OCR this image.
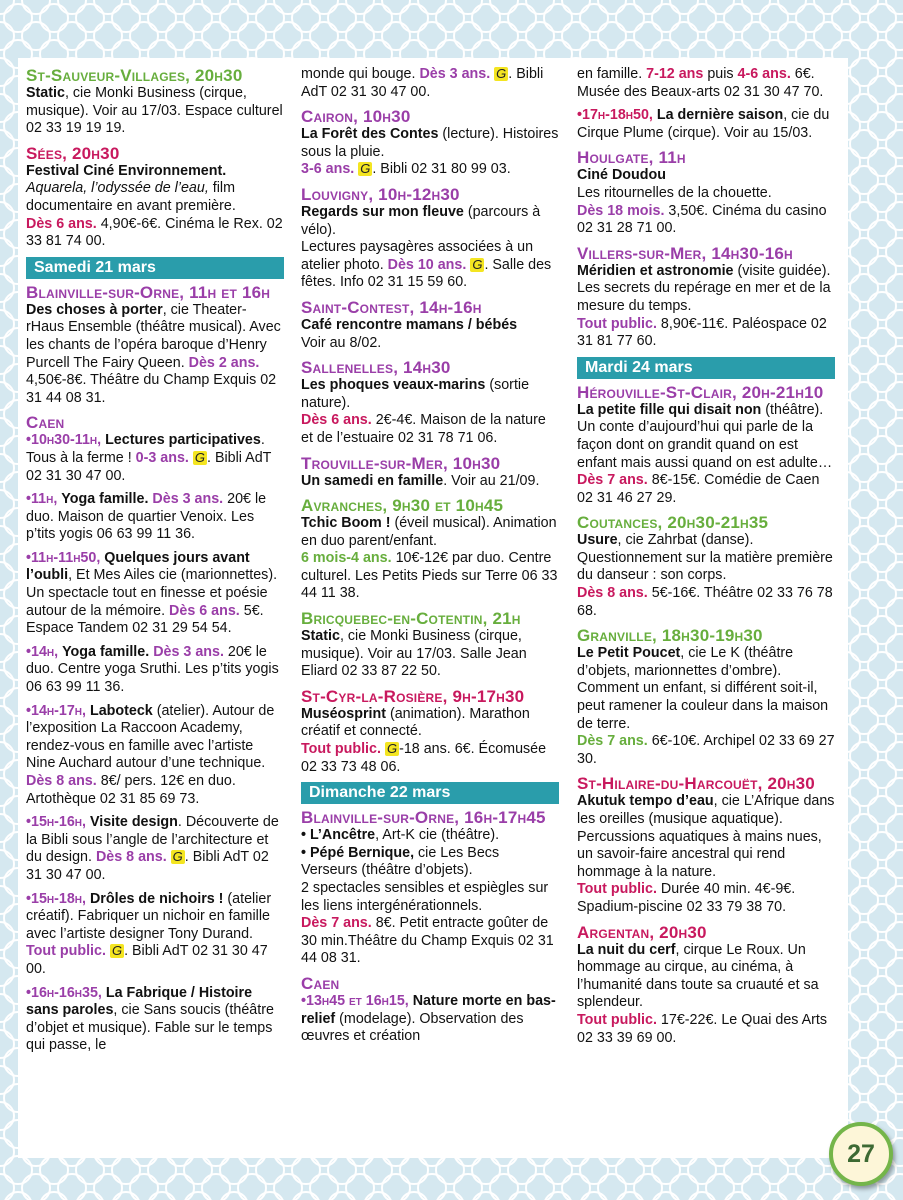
St-Sauveur-Villages, 20h30
Static, cie Monki Business (cirque, musique). Voir au 17/03. Espace culturel 02 33 19 19 19.
Sées, 20h30
Festival Ciné Environnement.
Aquarela, l’odyssée de l’eau, film documentaire en avant première.
Dès 6 ans. 4,90€-6€. Cinéma le Rex. 02 33 81 74 00.
Samedi 21 mars
Blainville-sur-Orne, 11h et 16h
Des choses à porter, cie Theater-rHaus Ensemble (théâtre musical). Avec les chants de l’opéra baroque d’Henry Purcell The Fairy Queen. Dès 2 ans. 4,50€-8€. Théâtre du Champ Exquis 02 31 44 08 31.
Caen
•10h30-11h, Lectures participatives. Tous à la ferme ! 0-3 ans. G . Bibli AdT 02 31 30 47 00.
•11h, Yoga famille. Dès 3 ans. 20€ le duo. Maison de quartier Venoix. Les p’tits yogis 06 63 99 11 36.
•11h-11h50, Quelques jours avant l’oubli, Et Mes Ailes cie (marionnettes). Un spectacle tout en finesse et poésie autour de la mémoire. Dès 6 ans. 5€. Espace Tandem 02 31 29 54 54.
•14h, Yoga famille. Dès 3 ans. 20€ le duo. Centre yoga Sruthi. Les p’tits yogis 06 63 99 11 36.
•14h-17h, Laboteck (atelier). Autour de l’exposition La Raccoon Academy, rendez-vous en famille avec l’artiste Nine Auchard autour d’une technique. Dès 8 ans. 8€/ pers. 12€ en duo. Artothèque 02 31 85 69 73.
•15h-16h, Visite design. Découverte de la Bibli sous l’angle de l’architecture et du design. Dès 8 ans. G . Bibli AdT 02 31 30 47 00.
•15h-18h, Drôles de nichoirs ! (atelier créatif). Fabriquer un nichoir en famille avec l’artiste designer Tony Durand. Tout public. G . Bibli AdT 02 31 30 47 00.
•16h-16h35, La Fabrique / Histoire sans paroles, cie Sans soucis (théâtre d’objet et musique). Fable sur le temps qui passe, le
monde qui bouge. Dès 3 ans. G . Bibli AdT 02 31 30 47 00.
Cairon, 10h30
La Forêt des Contes (lecture). Histoires sous la pluie.
3-6 ans. G . Bibli 02 31 80 99 03.
Louvigny, 10h-12h30
Regards sur mon fleuve (parcours à vélo).
Lectures paysagères associées à un atelier photo. Dès 10 ans. G . Salle des fêtes. Info 02 31 15 59 60.
Saint-Contest, 14h-16h
Café rencontre mamans / bébés
Voir au 8/02.
Sallenelles, 14h30
Les phoques veaux-marins (sortie nature).
Dès 6 ans. 2€-4€. Maison de la nature et de l’estuaire 02 31 78 71 06.
Trouville-sur-Mer, 10h30
Un samedi en famille. Voir au 21/09.
Avranches, 9h30 et 10h45
Tchic Boom ! (éveil musical). Animation en duo parent/enfant.
6 mois-4 ans. 10€-12€ par duo. Centre culturel. Les Petits Pieds sur Terre 06 33 44 11 38.
Bricquebec-en-Cotentin, 21h
Static, cie Monki Business (cirque, musique). Voir au 17/03. Salle Jean Eliard 02 33 87 22 50.
St-Cyr-la-Rosière, 9h-17h30
Muséosprint (animation). Marathon créatif et connecté.
Tout public. G -18 ans. 6€. Écomusée 02 33 73 48 06.
Dimanche 22 mars
Blainville-sur-Orne, 16h-17h45
• L’Ancêtre, Art-K cie (théâtre).
• Pépé Bernique, cie Les Becs Verseurs (théâtre d’objets).
2 spectacles sensibles et espiègles sur les liens intergénérationnels.
Dès 7 ans. 8€. Petit entracte goûter de 30 min.Théâtre du Champ Exquis 02 31 44 08 31.
Caen
•13h45 et 16h15, Nature morte en bas-relief (modelage). Observation des œuvres et création
en famille. 7-12 ans puis 4-6 ans. 6€. Musée des Beaux-arts 02 31 30 47 70.
•17h-18h50, La dernière saison, cie du Cirque Plume (cirque). Voir au 15/03.
Houlgate, 11h
Ciné Doudou
Les ritournelles de la chouette.
Dès 18 mois. 3,50€. Cinéma du casino 02 31 28 71 00.
Villers-sur-Mer, 14h30-16h
Méridien et astronomie (visite guidée). Les secrets du repérage en mer et de la mesure du temps.
Tout public. 8,90€-11€. Paléospace 02 31 81 77 60.
Mardi 24 mars
Hérouville-St-Clair, 20h-21h10
La petite fille qui disait non (théâtre). Un conte d’aujourd’hui qui parle de la façon dont on grandit quand on est enfant mais aussi quand on est adulte…
Dès 7 ans. 8€-15€. Comédie de Caen 02 31 46 27 29.
Coutances, 20h30-21h35
Usure, cie Zahrbat (danse). Questionnement sur la matière première du danseur : son corps.
Dès 8 ans. 5€-16€. Théâtre 02 33 76 78 68.
Granville, 18h30-19h30
Le Petit Poucet, cie Le K (théâtre d’objets, marionnettes d’ombre). Comment un enfant, si différent soit-il, peut ramener la couleur dans la maison de terre.
Dès 7 ans. 6€-10€. Archipel 02 33 69 27 30.
St-Hilaire-du-Harcouët, 20h30
Akutuk tempo d’eau, cie L’Afrique dans les oreilles (musique aquatique). Percussions aquatiques à mains nues, un savoir-faire ancestral qui rend hommage à la nature.
Tout public. Durée 40 min. 4€-9€. Spadium-piscine 02 33 79 38 70.
Argentan, 20h30
La nuit du cerf, cirque Le Roux. Un hommage au cirque, au cinéma, à l’humanité dans toute sa cruauté et sa splendeur.
Tout public. 17€-22€. Le Quai des Arts 02 33 39 69 00.
27
